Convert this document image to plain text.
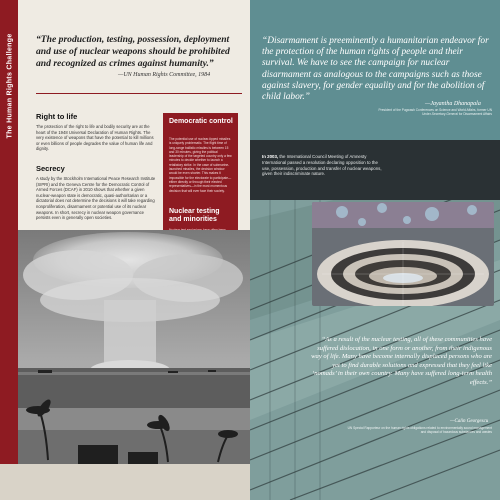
The Human Rights Challenge “The production, testing, possession, deployment and use of nuclear weapons should be prohibited and recognized as crimes against humanity.”
—UN Human Rights Committee, 1984
Right to life
The protection of the right to life and bodily security are at the heart of the 1948 Universal Declaration of Human Rights. The very existence of weapons that have the potential to kill millions or even billions of people degrades the value of human life and dignity.
Secrecy
A study by the Stockholm International Peace Research Institute (SIPRI) and the Geneva Centre for the Democratic Control of Armed Forces (DCAF) in 2010 shows that whether a given nuclear-weapon state is democratic, quasi-authoritarian or a dictatorial does not determine the decisions it will take regarding nonproliferation, disarmament or potential use of its nuclear weapons. In short, secrecy in nuclear weapon governance persists even in generally open societies.
Democratic control
The potential use of nuclear-tipped missiles is uniquely problematic. The flight time of long-range ballistic missiles is between 15 and 30 minutes, giving the political leadership of the targeted country only a few minutes to decide whether to launch a retaliatory strike. In the case of submarine-launched missiles, the decision window would be even shorter. This makes it impossible for the electorate to participate—either directly or through their elected representatives—in the most momentous decision that will ever face their society.
Nuclear testing and minorities
“Disarmament is preeminently a humanitarian endeavor for the protection of the human rights of people and their survival. We have to see the campaign for nuclear disarmament as analogous to the campaigns such as those against slavery, for gender equality and for the abolition of child labor.”
—Jayantha Dhanapala
President of the Pugwash Conferences on Science and World Affairs, former UN Under-Secretary-General for Disarmament Affairs
In 2003, the International Council Meeting of Amnesty International passed a resolution declaring opposition to the use, possession, production and transfer of nuclear weapons, given their indiscriminate nature.
“As a result of the nuclear testing, all of these communities have suffered dislocation, in one form or another, from their indigenous way of life. Many have become internally displaced persons who are yet to find durable solutions and expressed that they feel like ‘nomads’ in their own country. Many have suffered long-term health effects.”
—Calin Georgescu
UN Special Rapporteur on the human rights obligations related to environmentally sound management and disposal of hazardous substances and wastes
